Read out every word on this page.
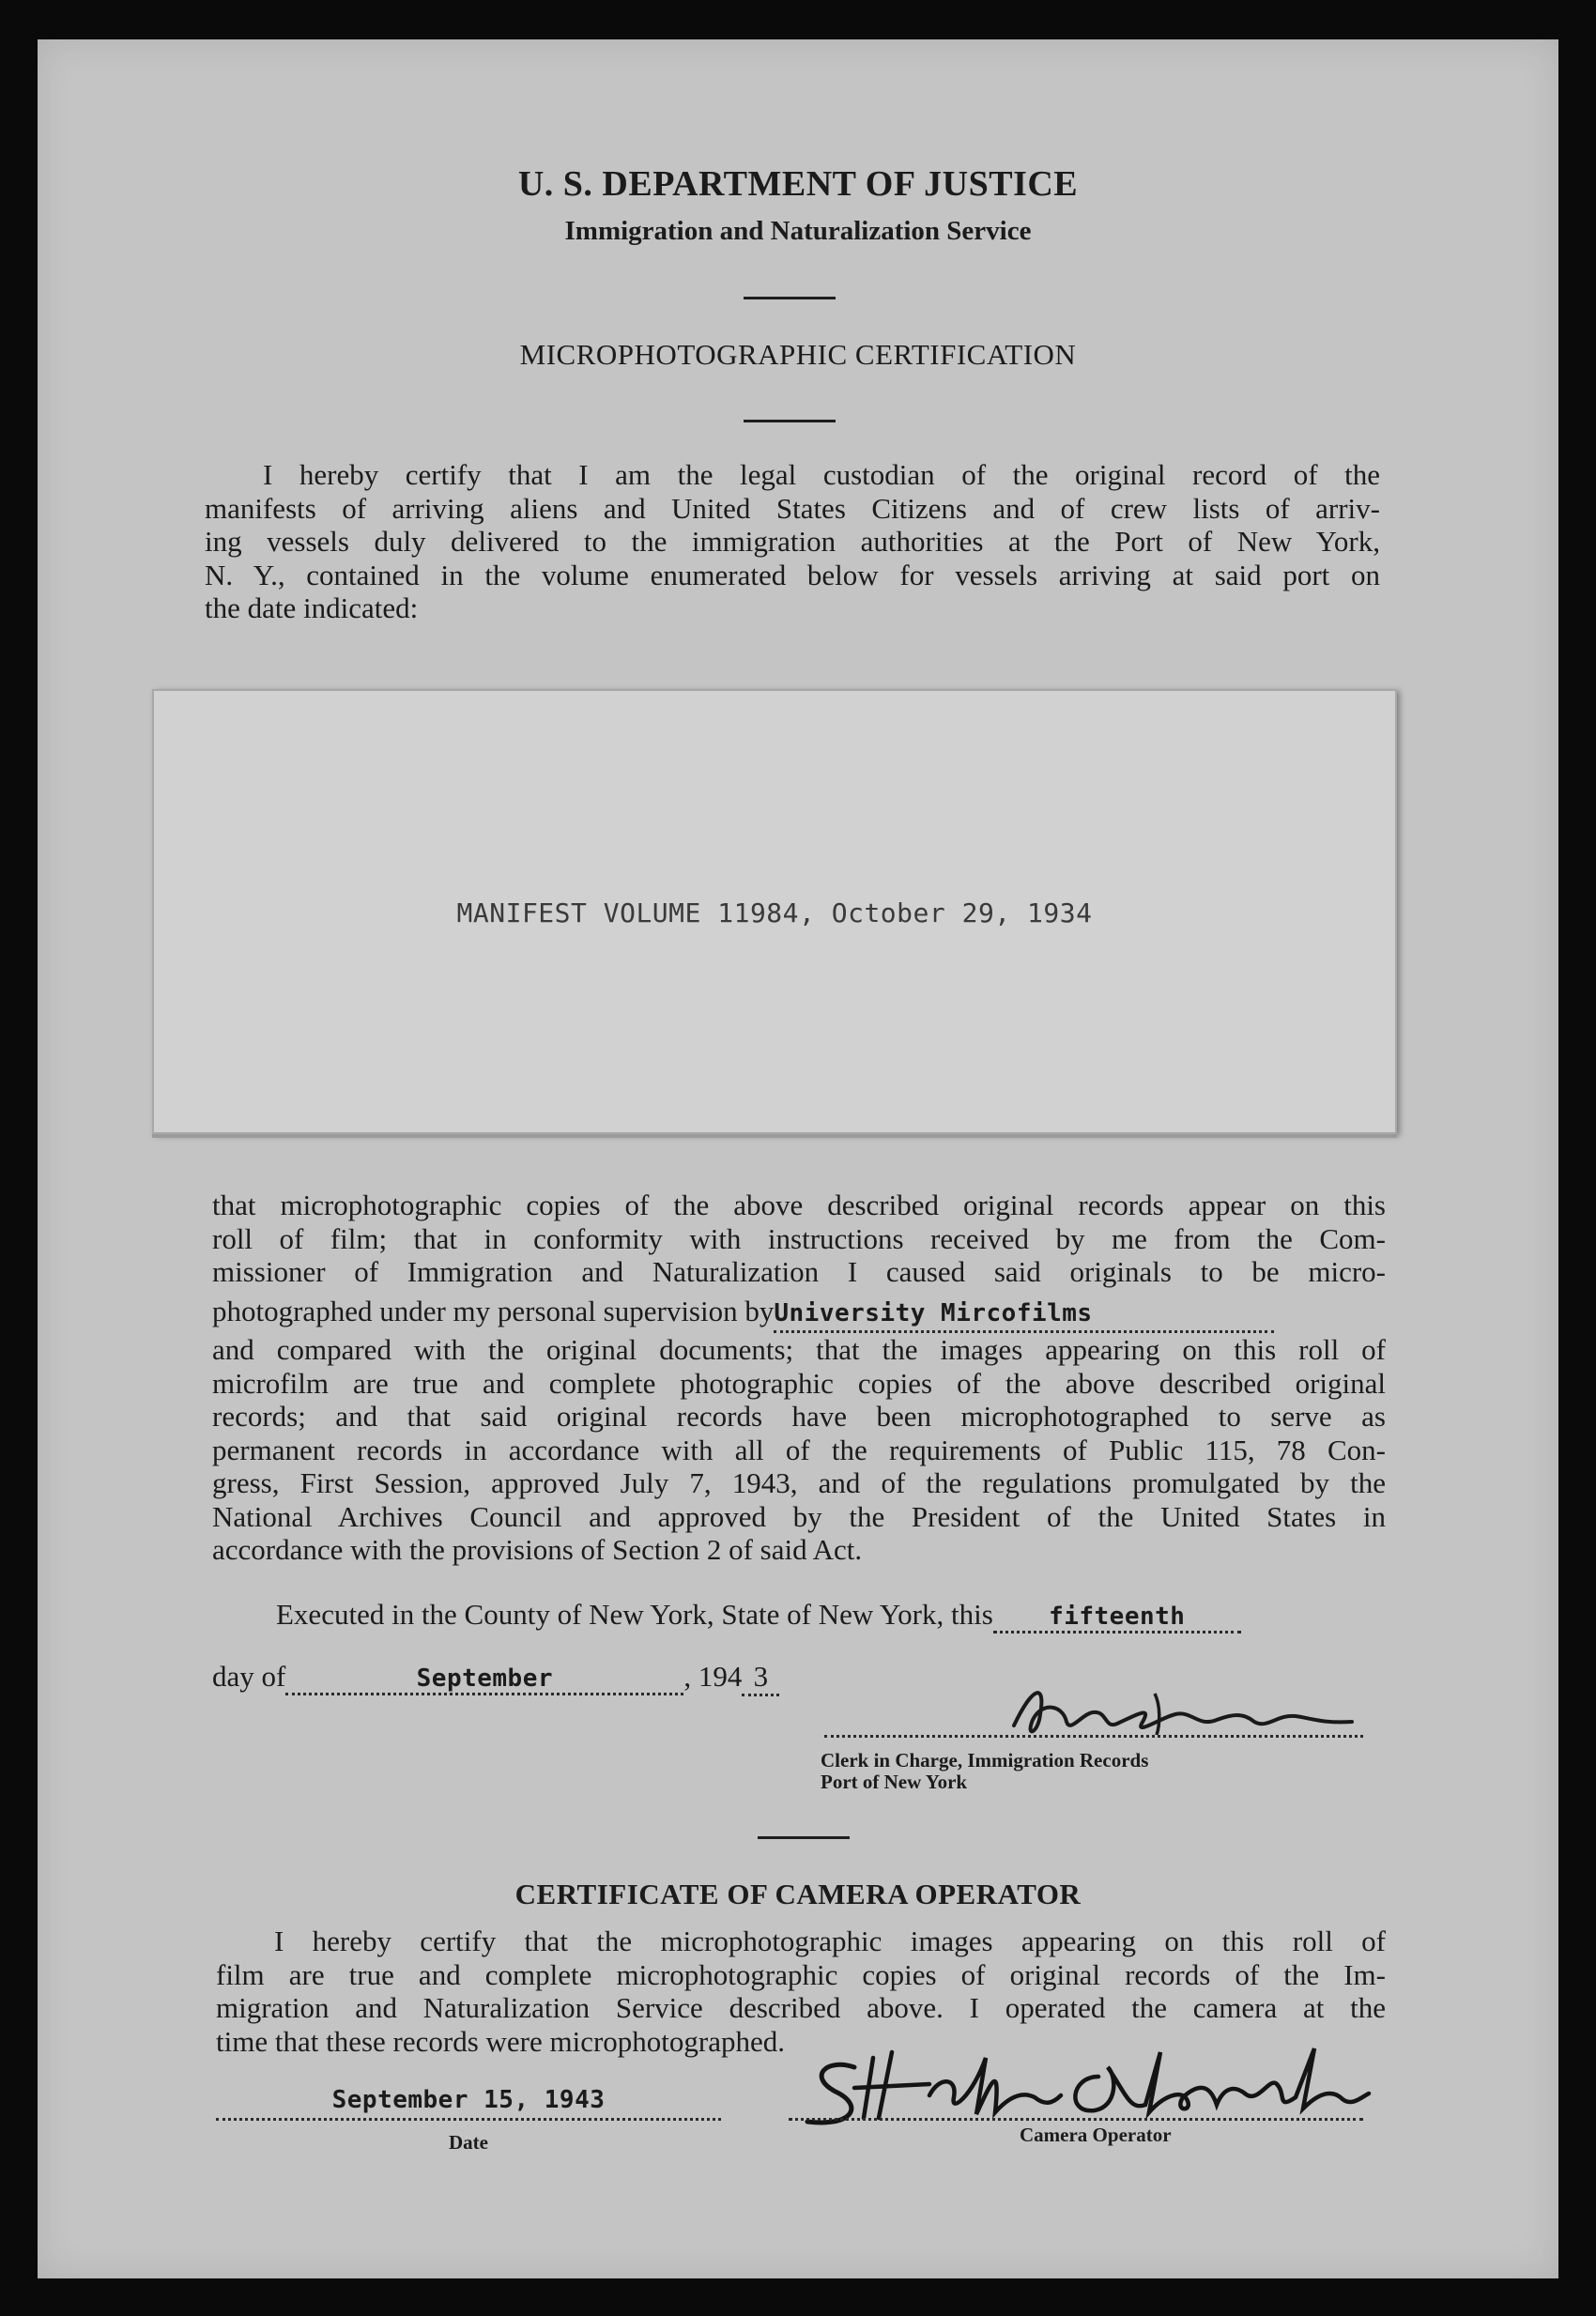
U. S. DEPARTMENT OF JUSTICE
Immigration and Naturalization Service
MICROPHOTOGRAPHIC CERTIFICATION
I hereby certify that I am the legal custodian of the original record of the
manifests of arriving aliens and United States Citizens and of crew lists of arriv-
ing vessels duly delivered to the immigration authorities at the Port of New York,
N. Y., contained in the volume enumerated below for vessels arriving at said port on
the date indicated:
MANIFEST VOLUME 11984, October 29, 1934
that microphotographic copies of the above described original records appear on this
roll of film; that in conformity with instructions received by me from the Com-
missioner of Immigration and Naturalization I caused said originals to be micro-
photographed under my personal supervision byUniversity Mircofilms
and compared with the original documents; that the images appearing on this roll of
microfilm are true and complete photographic copies of the above described original
records; and that said original records have been microphotographed to serve as
permanent records in accordance with all of the requirements of Public 115, 78 Con-
gress, First Session, approved July 7, 1943, and of the regulations promulgated by the
National Archives Council and approved by the President of the United States in
accordance with the provisions of Section 2 of said Act.
Executed in the County of New York, State of New York, this fifteenth
day of	September	, 194 3
Clerk in Charge, Immigration Records
Port of New York
CERTIFICATE OF CAMERA OPERATOR
I hereby certify that the microphotographic images appearing on this roll of
film are true and complete microphotographic copies of original records of the Im-
migration and Naturalization Service described above. I operated the camera at the
time that these records were microphotographed.
September 15, 1943
Date	Camera Operator
